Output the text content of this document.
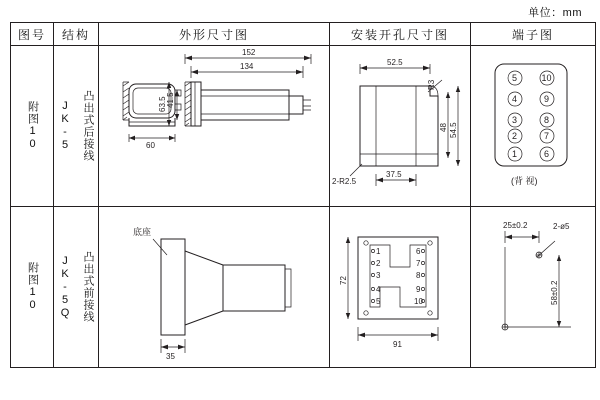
单位：mm
图号	结构	外形尺寸图	安装开孔尺寸图	端子图

附图10	JK-5 凸出式后接线	60
41.5
63.5
134
152

52.5
R3
48 54.5
37.5
2-R2.5

5
4
3
2
1
10
9
8
7
6
(背 视)

附图10	JK-5Q 凸出式前接线

底座
35

1
2
3
4
5
6
7
8
9
10
72
91

25±0.2	2-ø5
58±0.2
